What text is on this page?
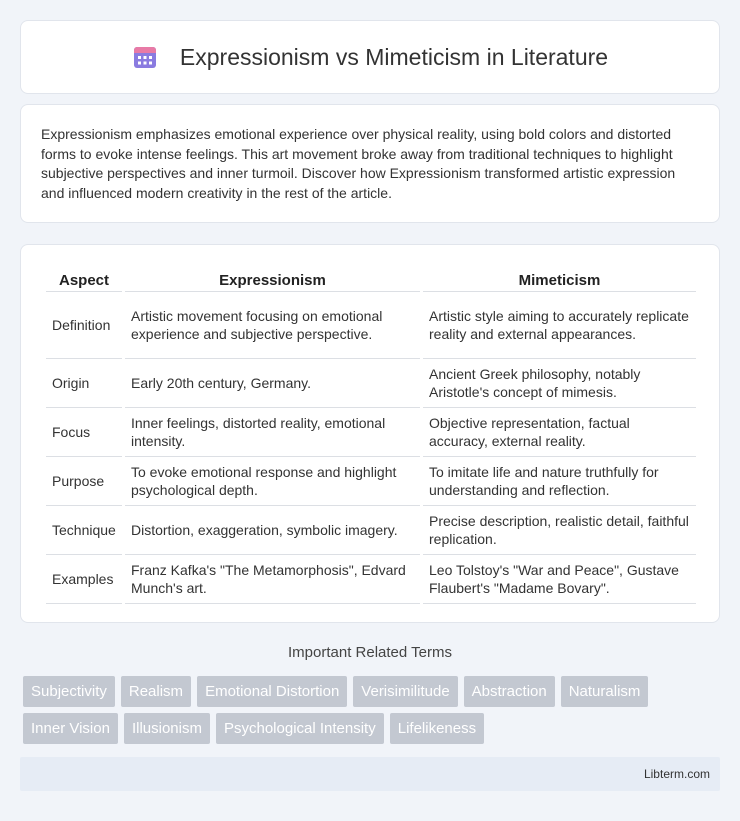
Expressionism vs Mimeticism in Literature

Expressionism emphasizes emotional experience over physical reality, using bold colors and distorted forms to evoke intense feelings. This art movement broke away from traditional techniques to highlight subjective perspectives and inner turmoil. Discover how Expressionism transformed artistic expression and influenced modern creativity in the rest of the article.

Aspect	Expressionism	Mimeticism
Definition	Artistic movement focusing on emotional experience and subjective perspective.	Artistic style aiming to accurately replicate reality and external appearances.
Origin	Early 20th century, Germany.	Ancient Greek philosophy, notably Aristotle's concept of mimesis.
Focus	Inner feelings, distorted reality, emotional intensity.	Objective representation, factual accuracy, external reality.
Purpose	To evoke emotional response and highlight psychological depth.	To imitate life and nature truthfully for understanding and reflection.
Technique	Distortion, exaggeration, symbolic imagery.	Precise description, realistic detail, faithful replication.
Examples	Franz Kafka's "The Metamorphosis", Edvard Munch's art.	Leo Tolstoy's "War and Peace", Gustave Flaubert's "Madame Bovary".
Important Related Terms
Subjectivity	Realism	Emotional Distortion	Verisimilitude	Abstraction	Naturalism
Inner Vision	Illusionism	Psychological Intensity	Lifelikeness
Libterm.com
